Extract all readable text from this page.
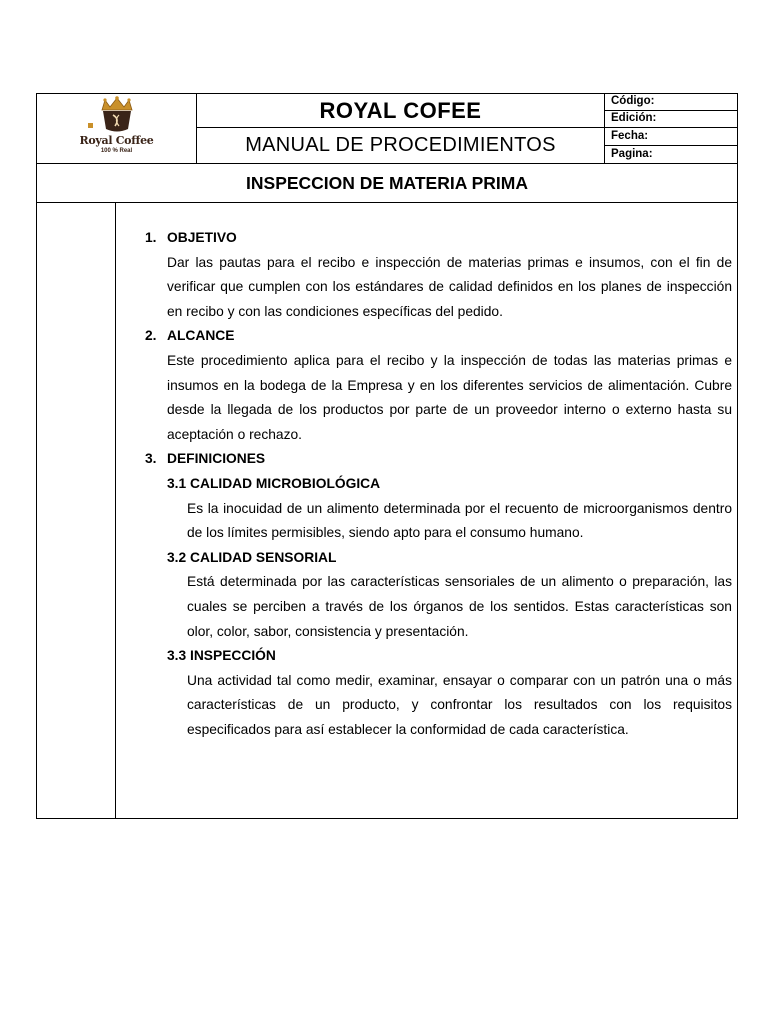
Royal Coffee
100 % Real
ROYAL COFEE
MANUAL DE PROCEDIMIENTOS
Código:
Edición:
Fecha:
Pagina:
INSPECCION DE MATERIA PRIMA
1. OBJETIVO
Dar las pautas para el recibo e inspección de materias primas e insumos, con el fin de verificar que cumplen con los estándares de calidad definidos en los planes de inspección en recibo y con las condiciones específicas del pedido.
2. ALCANCE
Este procedimiento aplica para el recibo y la inspección de todas las materias primas e insumos en la bodega de la Empresa y en los diferentes servicios de alimentación. Cubre desde la llegada de los productos por parte de un proveedor interno o externo hasta su aceptación o rechazo.
3. DEFINICIONES
3.1 CALIDAD MICROBIOLÓGICA
Es la inocuidad de un alimento determinada por el recuento de microorganismos dentro de los límites permisibles, siendo apto para el consumo humano.
3.2 CALIDAD SENSORIAL
Está determinada por las características sensoriales de un alimento o preparación, las cuales se perciben a través de los órganos de los sentidos. Estas características son olor, color, sabor, consistencia y presentación.
3.3 INSPECCIÓN
Una actividad tal como medir, examinar, ensayar o comparar con un patrón una o más características de un producto, y confrontar los resultados con los requisitos especificados para así establecer la conformidad de cada característica.
